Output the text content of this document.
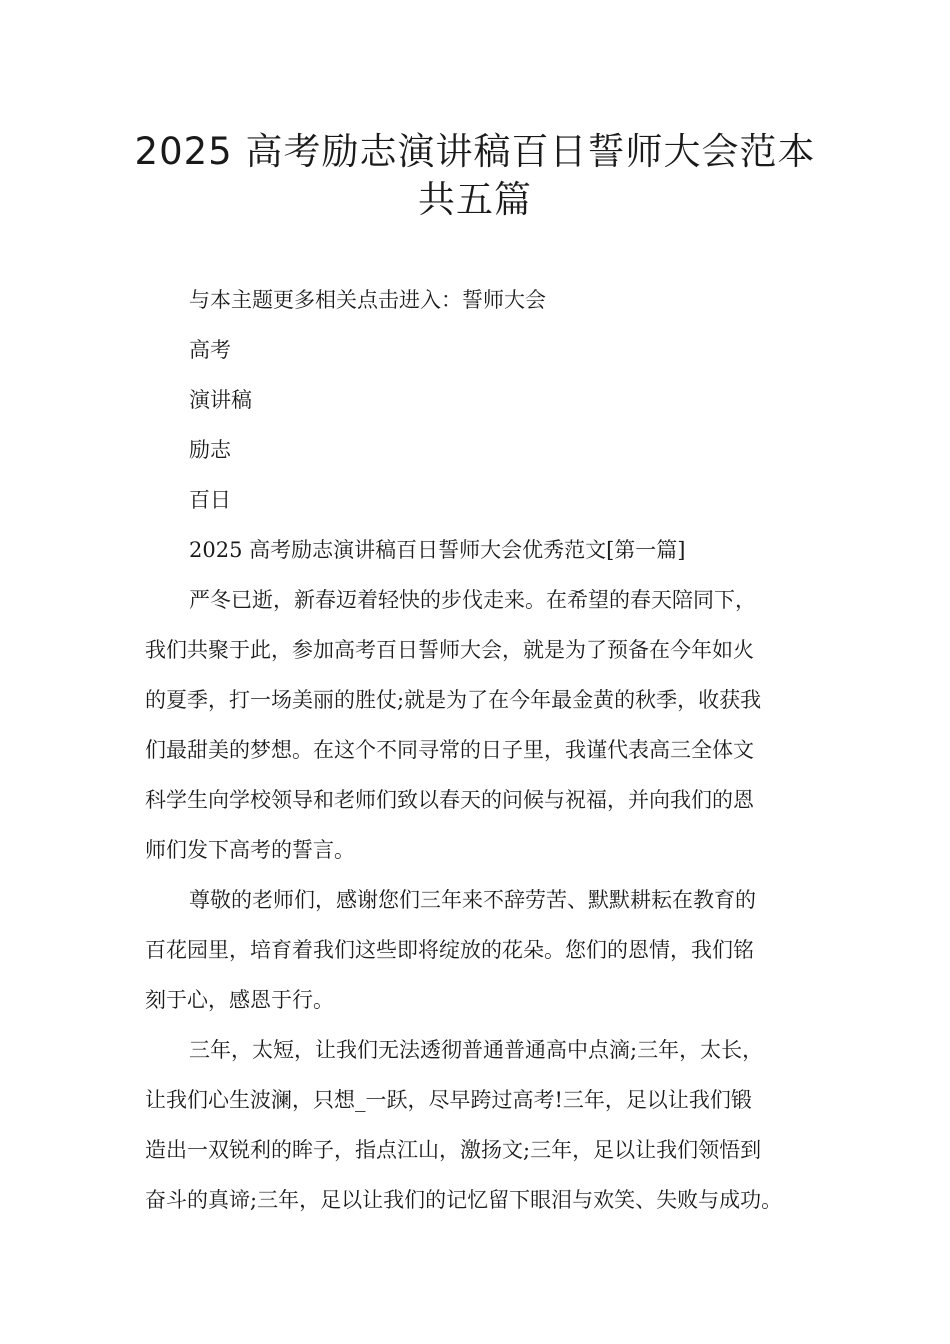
2025 高考励志演讲稿百日誓师大会范本
共五篇
与本主题更多相关点击进入：誓师大会
高考
演讲稿
励志
百日
2025 高考励志演讲稿百日誓师大会优秀范文[第一篇]
严冬已逝，新春迈着轻快的步伐走来。在希望的春天陪同下，
我们共聚于此，参加高考百日誓师大会，就是为了预备在今年如火
的夏季，打一场美丽的胜仗;就是为了在今年最金黄的秋季，收获我
们最甜美的梦想。在这个不同寻常的日子里，我谨代表高三全体文
科学生向学校领导和老师们致以春天的问候与祝福，并向我们的恩
师们发下高考的誓言。
尊敬的老师们，感谢您们三年来不辞劳苦、默默耕耘在教育的
百花园里，培育着我们这些即将绽放的花朵。您们的恩情，我们铭
刻于心，感恩于行。
三年，太短，让我们无法透彻普通普通高中点滴;三年，太长，
让我们心生波澜，只想_一跃，尽早跨过高考!三年，足以让我们锻
造出一双锐利的眸子，指点江山，激扬文;三年，足以让我们领悟到
奋斗的真谛;三年，足以让我们的记忆留下眼泪与欢笑、失败与成功。
